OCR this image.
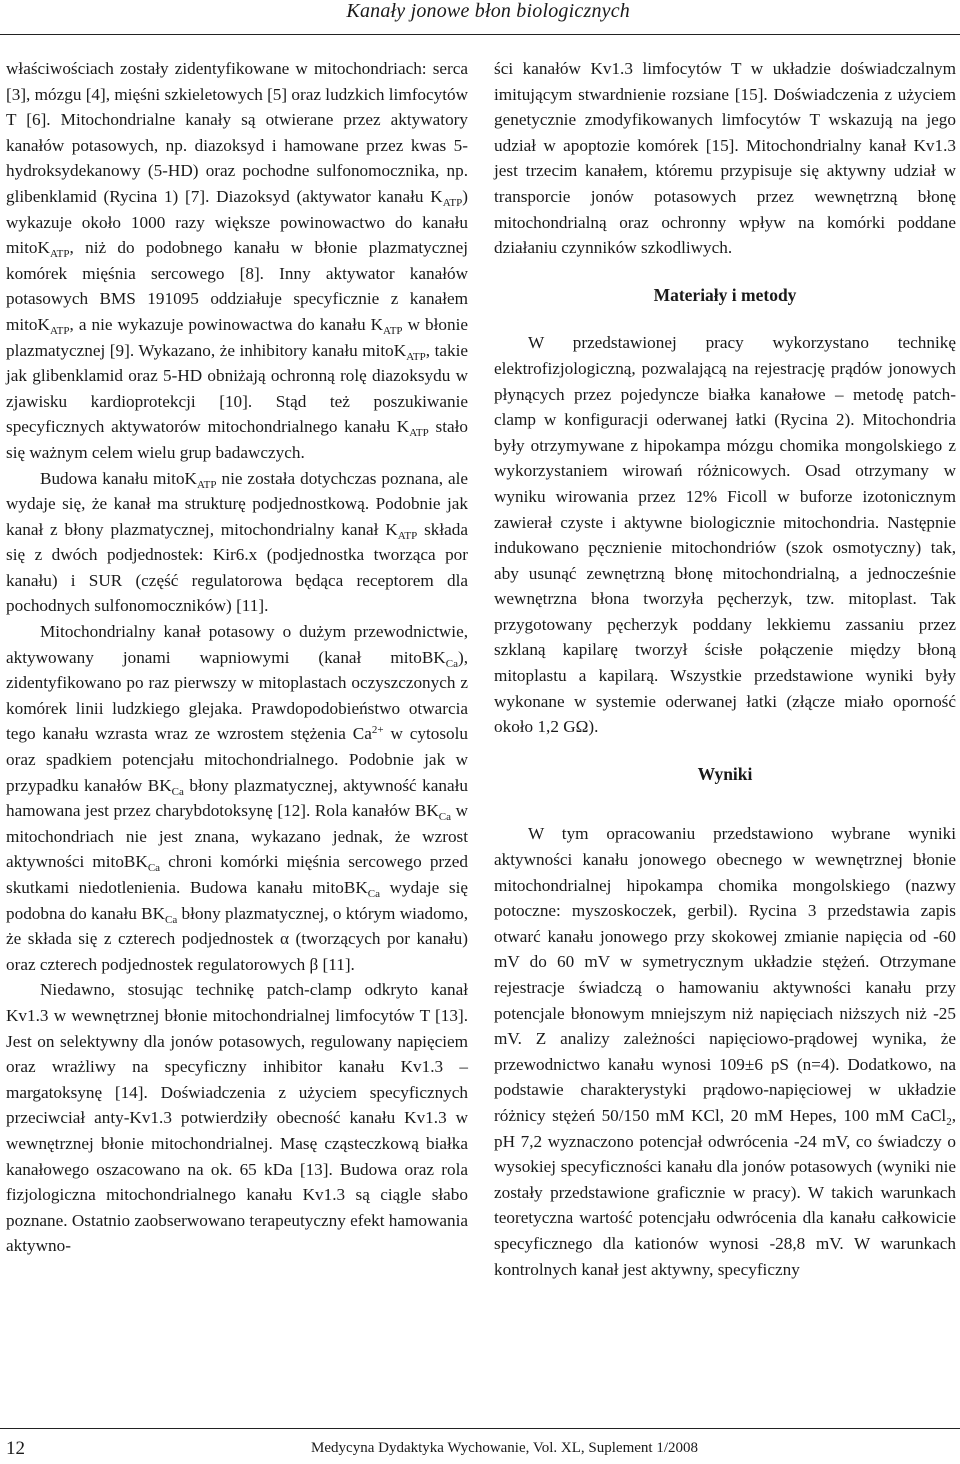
Kanały jonowe błon biologicznych

właściwościach zostały zidentyfikowane w mitochondriach: serca [3], mózgu [4], mięśni szkieletowych [5] oraz ludzkich limfocytów T [6]. Mitochondrialne kanały są otwierane przez aktywatory kanałów potasowych, np. diazoksyd i hamowane przez kwas 5-hydroksydekanowy (5-HD) oraz pochodne sulfonomocznika, np. glibenklamid (Rycina 1) [7]. Diazoksyd (aktywator kanału $K_{ATP}$) wykazuje około 1000 razy większe powinowactwo do kanału mitoK$_{ATP}$, niż do podobnego kanału w błonie plazmatycznej komórek mięśnia sercowego [8]. Inny aktywator kanałów potasowych BMS 191095 oddziałuje specyficznie z kanałem mitoK$_{ATP}$, a nie wykazuje powinowactwa do kanału $K_{ATP}$ w błonie plazmatycznej [9]. Wykazano, że inhibitory kanału mitoK$_{ATP}$, takie jak glibenklamid oraz 5-HD obniżają ochronną rolę diazoksydu w zjawisku kardioprotekcji [10]. Stąd też poszukiwanie specyficznych aktywatorów mitochondrialnego kanału $K_{ATP}$ stało się ważnym celem wielu grup badawczych.

Budowa kanału mitoK$_{ATP}$ nie została dotychczas poznana, ale wydaje się, że kanał ma strukturę podjednostkową. Podobnie jak kanał z błony plazmatycznej, mitochondrialny kanał $K_{ATP}$ składa się z dwóch podjednostek: Kir6.x (podjednostka tworząca por kanału) i SUR (część regulatorowa będąca receptorem dla pochodnych sulfonomoczników) [11].

Mitochondrialny kanał potasowy o dużym przewodnictwie, aktywowany jonami wapniowymi (kanał mitoBK$_{Ca}$), zidentyfikowano po raz pierwszy w mitoplastach oczyszczonych z komórek linii ludzkiego glejaka. Prawdopodobieństwo otwarcia tego kanału wzrasta wraz ze wzrostem stężenia $Ca^{2+}$ w cytosolu oraz spadkiem potencjału mitochondrialnego. Podobnie jak w przypadku kanałów $BK_{Ca}$ błony plazmatycznej, aktywność kanału hamowana jest przez charybdotoksynę [12]. Rola kanałów $BK_{Ca}$ w mitochondriach nie jest znana, wykazano jednak, że wzrost aktywności mitoBK$_{Ca}$ chroni komórki mięśnia sercowego przed skutkami niedotlenienia. Budowa kanału mitoBK$_{Ca}$ wydaje się podobna do kanału $BK_{Ca}$ błony plazmatycznej, o którym wiadomo, że składa się z czterech podjednostek α (tworzących por kanału) oraz czterech podjednostek regulatorowych β [11].

Niedawno, stosując technikę patch-clamp odkryto kanał Kv1.3 w wewnętrznej błonie mitochondrialnej limfocytów T [13]. Jest on selektywny dla jonów potasowych, regulowany napięciem oraz wrażliwy na specyficzny inhibitor kanału Kv1.3 – margatoksynę [14]. Doświadczenia z użyciem specyficznych przeciwciał anty-Kv1.3 potwierdziły obecność kanału Kv1.3 w wewnętrznej błonie mitochondrialnej. Masę cząsteczkową białka kanałowego oszacowano na ok. 65 kDa [13]. Budowa oraz rola fizjologiczna mitochondrialnego kanału Kv1.3 są ciągle słabo poznane. Ostatnio zaobserwowano terapeutyczny efekt hamowania aktywno-

ści kanałów Kv1.3 limfocytów T w układzie doświadczalnym imitującym stwardnienie rozsiane [15]. Doświadczenia z użyciem genetycznie zmodyfikowanych limfocytów T wskazują na jego udział w apoptozie komórek [15]. Mitochondrialny kanał Kv1.3 jest trzecim kanałem, któremu przypisuje się aktywny udział w transporcie jonów potasowych przez wewnętrzną błonę mitochondrialną oraz ochronny wpływ na komórki poddane działaniu czynników szkodliwych.

Materiały i metody

W przedstawionej pracy wykorzystano technikę elektrofizjologiczną, pozwalającą na rejestrację prądów jonowych płynących przez pojedyncze białka kanałowe – metodę patch-clamp w konfiguracji oderwanej łatki (Rycina 2). Mitochondria były otrzymywane z hipokampa mózgu chomika mongolskiego z wykorzystaniem wirowań różnicowych. Osad otrzymany w wyniku wirowania przez 12% Ficoll w buforze izotonicznym zawierał czyste i aktywne biologicznie mitochondria. Następnie indukowano pęcznienie mitochondriów (szok osmotyczny) tak, aby usunąć zewnętrzną błonę mitochondrialną, a jednocześnie wewnętrzna błona tworzyła pęcherzyk, tzw. mitoplast. Tak przygotowany pęcherzyk poddany lekkiemu zassaniu przez szklaną kapilarę tworzył ścisłe połączenie między błoną mitoplastu a kapilarą. Wszystkie przedstawione wyniki były wykonane w systemie oderwanej łatki (złącze miało oporność około 1,2 GΩ).

Wyniki

W tym opracowaniu przedstawiono wybrane wyniki aktywności kanału jonowego obecnego w wewnętrznej błonie mitochondrialnej hipokampa chomika mongolskiego (nazwy potoczne: myszoskoczek, gerbil). Rycina 3 przedstawia zapis otwarć kanału jonowego przy skokowej zmianie napięcia od -60 mV do 60 mV w symetrycznym układzie stężeń. Otrzymane rejestracje świadczą o hamowaniu aktywności kanału przy potencjale błonowym mniejszym niż napięciach niższych niż -25 mV. Z analizy zależności napięciowo-prądowej wynika, że przewodnictwo kanału wynosi 109±6 pS (n=4). Dodatkowo, na podstawie charakterystyki prądowo-napięciowej w układzie różnicy stężeń 50/150 mM KCl, 20 mM Hepes, 100 mM CaCl$_2$, pH 7,2 wyznaczono potencjał odwrócenia -24 mV, co świadczy o wysokiej specyficzności kanału dla jonów potasowych (wyniki nie zostały przedstawione graficznie w pracy). W takich warunkach teoretyczna wartość potencjału odwrócenia dla kanału całkowicie specyficznego dla kationów wynosi -28,8 mV. W warunkach kontrolnych kanał jest aktywny, specyficzny

12	Medycyna Dydaktyka Wychowanie, Vol. XL, Suplement 1/2008
